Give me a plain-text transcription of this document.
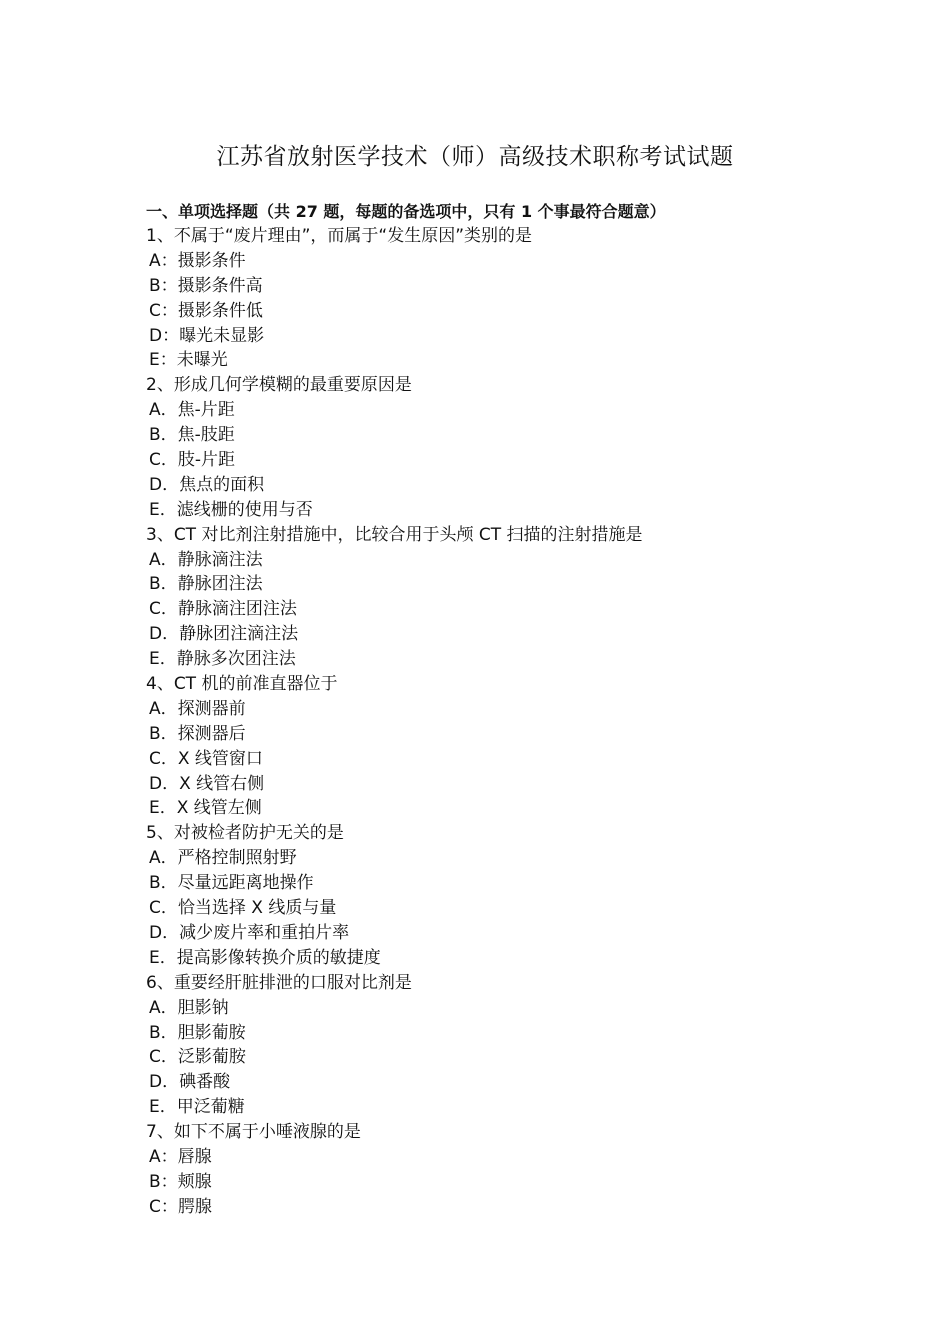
江苏省放射医学技术（师）高级技术职称考试试题
一、单项选择题（共 27 题，每题的备选项中，只有 1 个事最符合题意）
1、不属于“废片理由”，而属于“发生原因”类别的是
A：摄影条件
B：摄影条件高
C：摄影条件低
D：曝光未显影
E：未曝光
2、形成几何学模糊的最重要原因是
A．焦-片距
B．焦-肢距
C．肢-片距
D．焦点的面积
E．滤线栅的使用与否
3、CT 对比剂注射措施中，比较合用于头颅 CT 扫描的注射措施是
A．静脉滴注法
B．静脉团注法
C．静脉滴注团注法
D．静脉团注滴注法
E．静脉多次团注法
4、CT 机的前准直器位于
A．探测器前
B．探测器后
C．X 线管窗口
D．X 线管右侧
E．X 线管左侧
5、对被检者防护无关的是
A．严格控制照射野
B．尽量远距离地操作
C．恰当选择 X 线质与量
D．减少废片率和重拍片率
E．提高影像转换介质的敏捷度
6、重要经肝脏排泄的口服对比剂是
A．胆影钠
B．胆影葡胺
C．泛影葡胺
D．碘番酸
E．甲泛葡糖
7、如下不属于小唾液腺的是
A：唇腺
B：颊腺
C：腭腺
